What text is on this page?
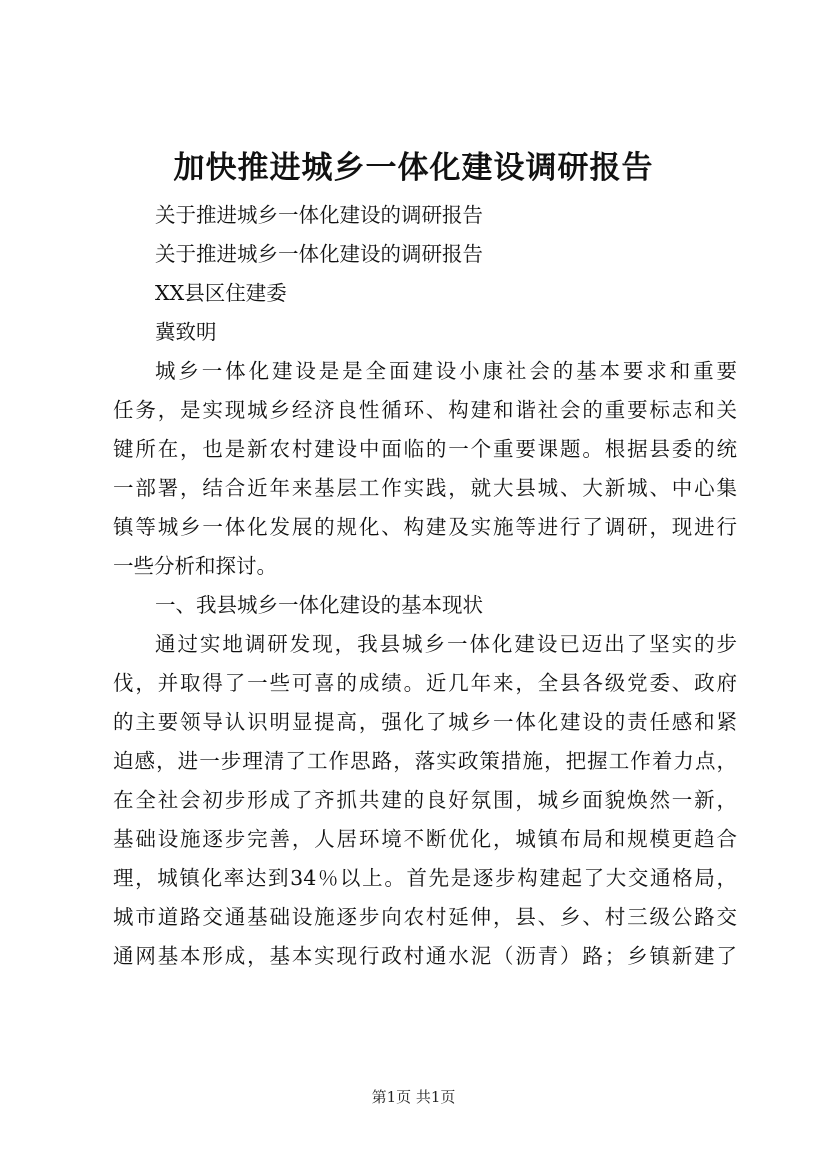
加快推进城乡一体化建设调研报告
关于推进城乡一体化建设的调研报告
关于推进城乡一体化建设的调研报告
XX县区住建委
冀致明
城乡一体化建设是是全面建设小康社会的基本要求和重要
任务，是实现城乡经济良性循环、构建和谐社会的重要标志和关
键所在，也是新农村建设中面临的一个重要课题。根据县委的统
一部署，结合近年来基层工作实践，就大县城、大新城、中心集
镇等城乡一体化发展的规化、构建及实施等进行了调研，现进行
一些分析和探讨。
一、我县城乡一体化建设的基本现状
通过实地调研发现，我县城乡一体化建设已迈出了坚实的步
伐，并取得了一些可喜的成绩。近几年来，全县各级党委、政府
的主要领导认识明显提高，强化了城乡一体化建设的责任感和紧
迫感，进一步理清了工作思路，落实政策措施，把握工作着力点，
在全社会初步形成了齐抓共建的良好氛围，城乡面貌焕然一新，
基础设施逐步完善，人居环境不断优化，城镇布局和规模更趋合
理，城镇化率达到34％以上。首先是逐步构建起了大交通格局，
城市道路交通基础设施逐步向农村延伸，县、乡、村三级公路交
通网基本形成，基本实现行政村通水泥（沥青）路；乡镇新建了
第1页 共1页
